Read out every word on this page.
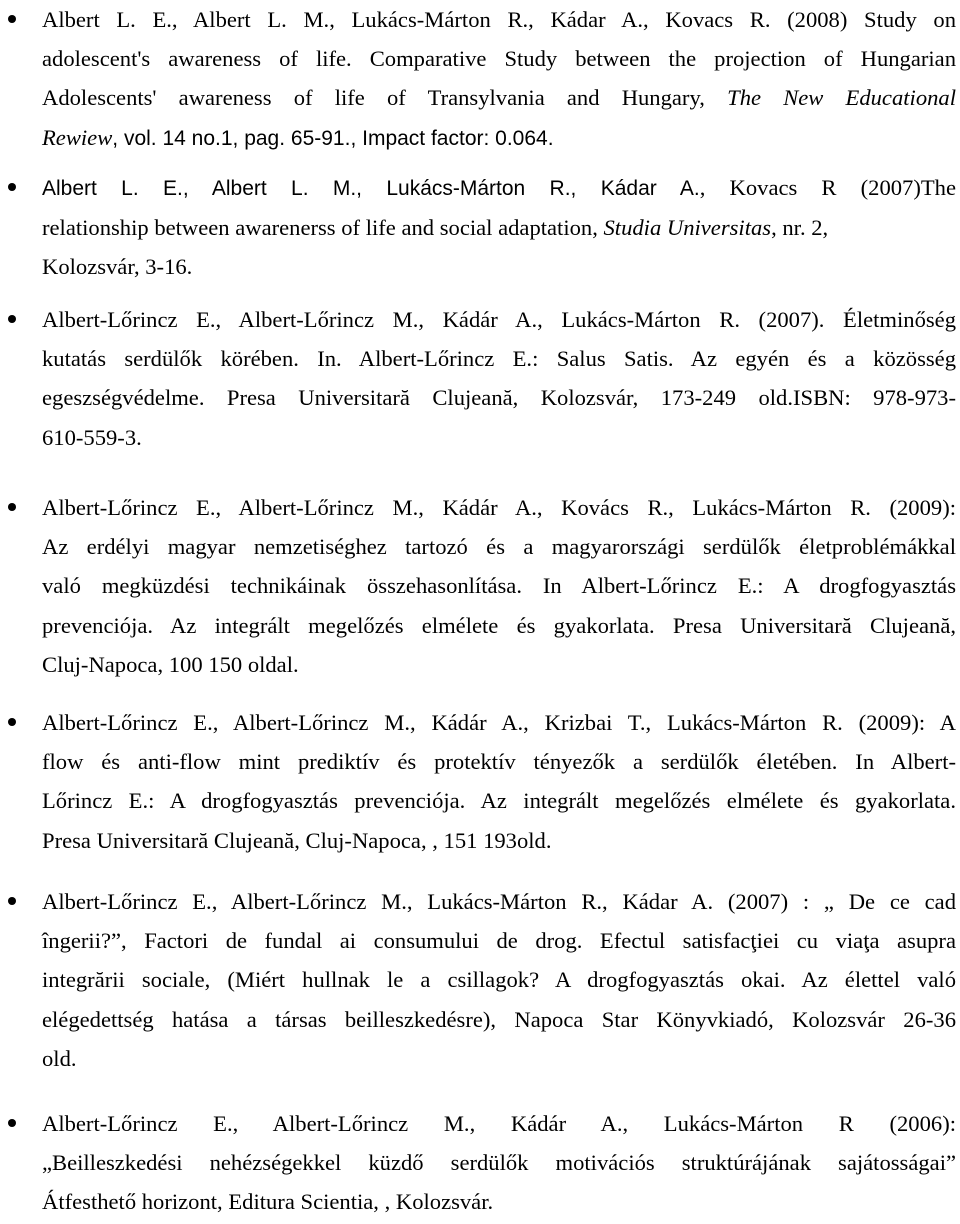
Albert L. E., Albert L. M., Lukács-Márton R., Kádar A., Kovacs R. (2008) Study on
adolescent's awareness of life. Comparative Study between the projection of Hungarian
Adolescents' awareness of life of Transylvania and Hungary, The New Educational
Rewiew, vol. 14 no.1, pag. 65-91., Impact factor: 0.064.
Albert L. E., Albert L. M., Lukács-Márton R., Kádar A., Kovacs R (2007)The
relationship between awarenerss of life and social adaptation, Studia Universitas, nr. 2,
Kolozsvár, 3-16.
Albert-Lőrincz E., Albert-Lőrincz M., Kádár A., Lukács-Márton R. (2007). Életminőség
kutatás serdülők körében. In. Albert-Lőrincz E.: Salus Satis. Az egyén és a közösség
egeszségvédelme. Presa Universitară Clujeană, Kolozsvár, 173-249 old.ISBN: 978-973-
610-559-3.
Albert-Lőrincz E., Albert-Lőrincz M., Kádár A., Kovács R., Lukács-Márton R. (2009):
Az erdélyi magyar nemzetiséghez tartozó és a magyarországi serdülők életproblémákkal
való megküzdési technikáinak összehasonlítása. In Albert-Lőrincz E.: A drogfogyasztás
prevenciója. Az integrált megelőzés elmélete és gyakorlata. Presa Universitară Clujeană,
Cluj-Napoca, 100 150 oldal.
Albert-Lőrincz E., Albert-Lőrincz M., Kádár A., Krizbai T., Lukács-Márton R. (2009): A
flow és anti-flow mint prediktív és protektív tényezők a serdülők életében. In Albert-
Lőrincz E.: A drogfogyasztás prevenciója. Az integrált megelőzés elmélete és gyakorlata.
Presa Universitară Clujeană, Cluj-Napoca, , 151 193old.
Albert-Lőrincz E., Albert-Lőrincz M., Lukács-Márton R., Kádar A. (2007) : „ De ce cad
îngerii?”, Factori de fundal ai consumului de drog. Efectul satisfacţiei cu viaţa asupra
integrării sociale, (Miért hullnak le a csillagok? A drogfogyasztás okai. Az élettel való
elégedettség hatása a társas beilleszkedésre), Napoca Star Könyvkiadó, Kolozsvár 26-36
old.
Albert-Lőrincz E., Albert-Lőrincz M., Kádár A., Lukács-Márton R (2006):
„Beilleszkedési nehézségekkel küzdő serdülők motivációs struktúrájának sajátosságai”
Átfesthető horizont, Editura Scientia, , Kolozsvár.
